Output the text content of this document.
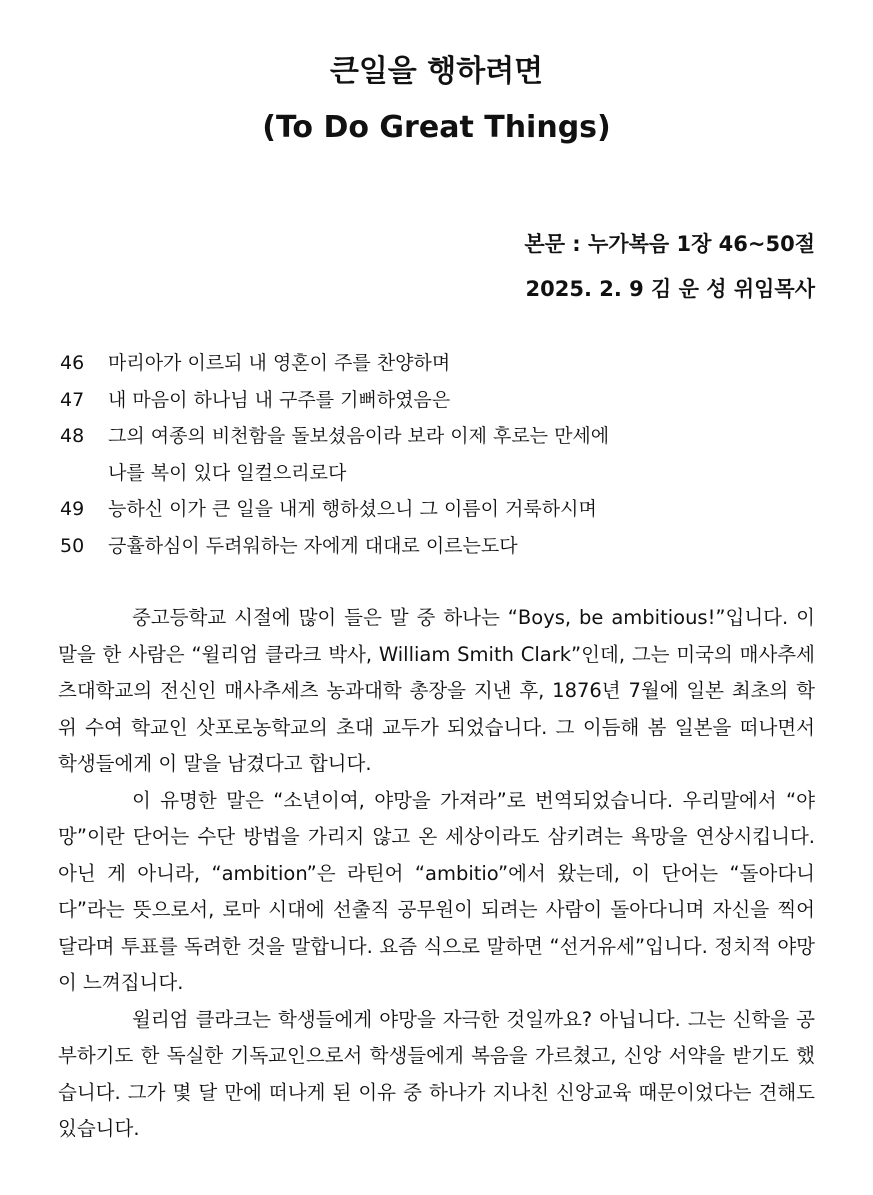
큰일을 행하려면
(To Do Great Things)
본문 : 누가복음 1장 46~50절
2025. 2. 9 김 운 성 위임목사
46	마리아가 이르되 내 영혼이 주를 찬양하며
47	내 마음이 하나님 내 구주를 기뻐하였음은
48	그의 여종의 비천함을 돌보셨음이라 보라 이제 후로는 만세에
나를 복이 있다 일컬으리로다
49	능하신 이가 큰 일을 내게 행하셨으니 그 이름이 거룩하시며
50	긍휼하심이 두려워하는 자에게 대대로 이르는도다

중고등학교 시절에 많이 들은 말 중 하나는 “Boys, be ambitious!”입니다. 이 말을 한 사람은 “윌리엄 클라크 박사, William Smith Clark”인데, 그는 미국의 매사추세츠대학교의 전신인 매사추세츠 농과대학 총장을 지낸 후, 1876년 7월에 일본 최초의 학위 수여 학교인 삿포로농학교의 초대 교두가 되었습니다. 그 이듬해 봄 일본을 떠나면서 학생들에게 이 말을 남겼다고 합니다.

이 유명한 말은 “소년이여, 야망을 가져라”로 번역되었습니다. 우리말에서 “야망”이란 단어는 수단 방법을 가리지 않고 온 세상이라도 삼키려는 욕망을 연상시킵니다. 아닌 게 아니라, “ambition”은 라틴어 “ambitio”에서 왔는데, 이 단어는 “돌아다니다”라는 뜻으로서, 로마 시대에 선출직 공무원이 되려는 사람이 돌아다니며 자신을 찍어 달라며 투표를 독려한 것을 말합니다. 요즘 식으로 말하면 “선거유세”입니다. 정치적 야망이 느껴집니다.

윌리엄 클라크는 학생들에게 야망을 자극한 것일까요? 아닙니다. 그는 신학을 공부하기도 한 독실한 기독교인으로서 학생들에게 복음을 가르쳤고, 신앙 서약을 받기도 했습니다. 그가 몇 달 만에 떠나게 된 이유 중 하나가 지나친 신앙교육 때문이었다는 견해도 있습니다.
